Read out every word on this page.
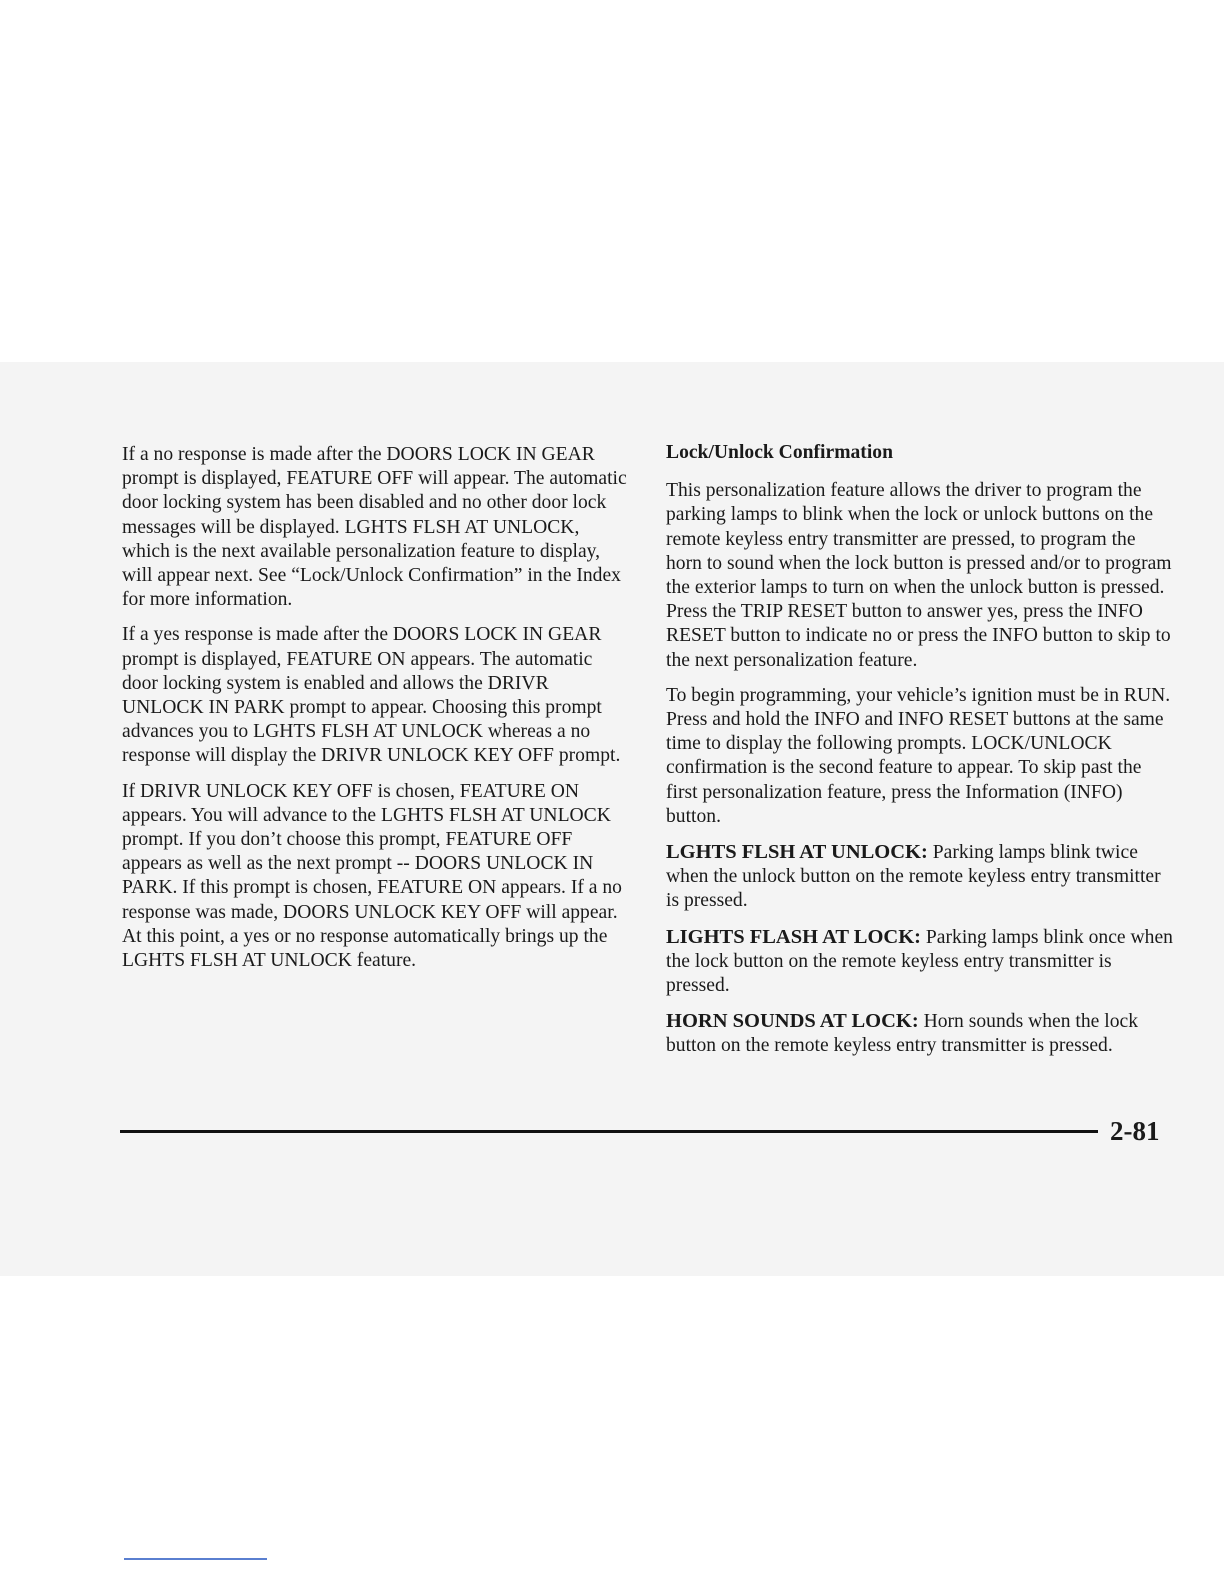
If a no response is made after the DOORS LOCK IN GEAR prompt is displayed, FEATURE OFF will appear. The automatic door locking system has been disabled and no other door lock messages will be displayed. LGHTS FLSH AT UNLOCK, which is the next available personalization feature to display, will appear next. See “Lock/Unlock Confirmation” in the Index for more information.

If a yes response is made after the DOORS LOCK IN GEAR prompt is displayed, FEATURE ON appears. The automatic door locking system is enabled and allows the DRIVR UNLOCK IN PARK prompt to appear. Choosing this prompt advances you to LGHTS FLSH AT UNLOCK whereas a no response will display the DRIVR UNLOCK KEY OFF prompt.

If DRIVR UNLOCK KEY OFF is chosen, FEATURE ON appears. You will advance to the LGHTS FLSH AT UNLOCK prompt. If you don’t choose this prompt, FEATURE OFF appears as well as the next prompt -- DOORS UNLOCK IN PARK. If this prompt is chosen, FEATURE ON appears. If a no response was made, DOORS UNLOCK KEY OFF will appear. At this point, a yes or no response automatically brings up the LGHTS FLSH AT UNLOCK feature.

Lock/Unlock Confirmation

This personalization feature allows the driver to program the parking lamps to blink when the lock or unlock buttons on the remote keyless entry transmitter are pressed, to program the horn to sound when the lock button is pressed and/or to program the exterior lamps to turn on when the unlock button is pressed. Press the TRIP RESET button to answer yes, press the INFO RESET button to indicate no or press the INFO button to skip to the next personalization feature.

To begin programming, your vehicle’s ignition must be in RUN. Press and hold the INFO and INFO RESET buttons at the same time to display the following prompts. LOCK/UNLOCK confirmation is the second feature to appear. To skip past the first personalization feature, press the Information (INFO) button.

LGHTS FLSH AT UNLOCK: Parking lamps blink twice when the unlock button on the remote keyless entry transmitter is pressed.

LIGHTS FLASH AT LOCK: Parking lamps blink once when the lock button on the remote keyless entry transmitter is pressed.

HORN SOUNDS AT LOCK: Horn sounds when the lock button on the remote keyless entry transmitter is pressed.

2-81
